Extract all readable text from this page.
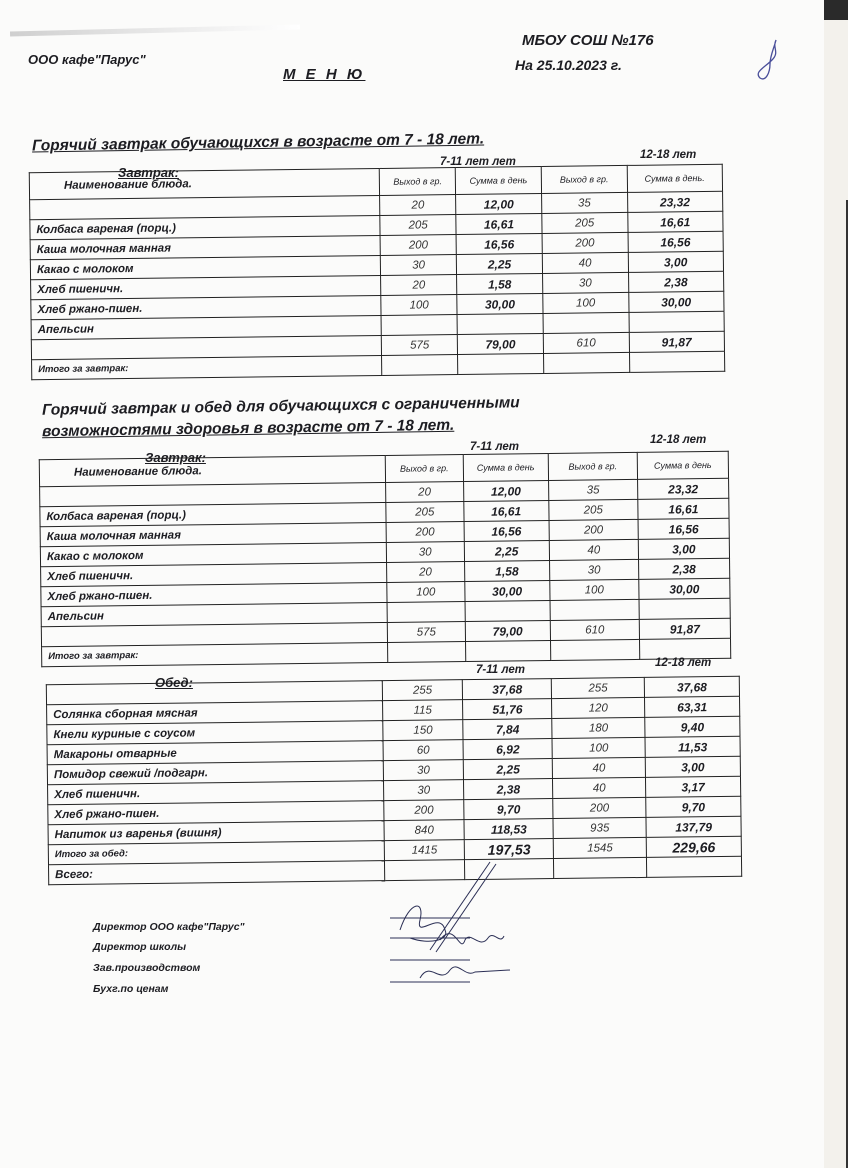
ООО кафе"Парус"
МБОУ СОШ №176
На 25.10.2023 г.
М Е Н Ю
Горячий завтрак обучающихся в возрасте от 7 - 18 лет.
Завтрак:
7-11 лет лет
12-18 лет
Наименование блюда.	Выход в гр.	Сумма в день	Выход в гр.	Сумма в день.
	20	12,00	35	23,32
Колбаса вареная (порц.)	205	16,61	205	16,61
Каша молочная манная	200	16,56	200	16,56
Какао с молоком	30	2,25	40	3,00
Хлеб пшеничн.	20	1,58	30	2,38
Хлеб ржано-пшен.	100	30,00	100	30,00
Апельсин				
	575	79,00	610	91,87
Итого за завтрак:				
Горячий завтрак и обед для обучающихся с ограниченными
возможностями здоровья в возрасте от 7 - 18 лет.
Завтрак:
7-11 лет
12-18 лет
Наименование блюда.	Выход в гр.	Сумма в день	Выход в гр.	Сумма в день
	20	12,00	35	23,32
Колбаса вареная (порц.)	205	16,61	205	16,61
Каша молочная манная	200	16,56	200	16,56
Какао с молоком	30	2,25	40	3,00
Хлеб пшеничн.	20	1,58	30	2,38
Хлеб ржано-пшен.	100	30,00	100	30,00
Апельсин				
	575	79,00	610	91,87
Итого за завтрак:				
Обед:
7-11 лет
12-18 лет
	255	37,68	255	37,68
Солянка сборная мясная	115	51,76	120	63,31
Кнели куриные с соусом	150	7,84	180	9,40
Макароны отварные	60	6,92	100	11,53
Помидор свежий /подгарн.	30	2,25	40	3,00
Хлеб пшеничн.	30	2,38	40	3,17
Хлеб ржано-пшен.	200	9,70	200	9,70
Напиток из варенья (вишня)	840	118,53	935	137,79
Итого за обед:	1415	197,53	1545	229,66
Всего:				
Директор ООО кафе"Парус"
Директор школы
Зав.производством
Бухг.по ценам
